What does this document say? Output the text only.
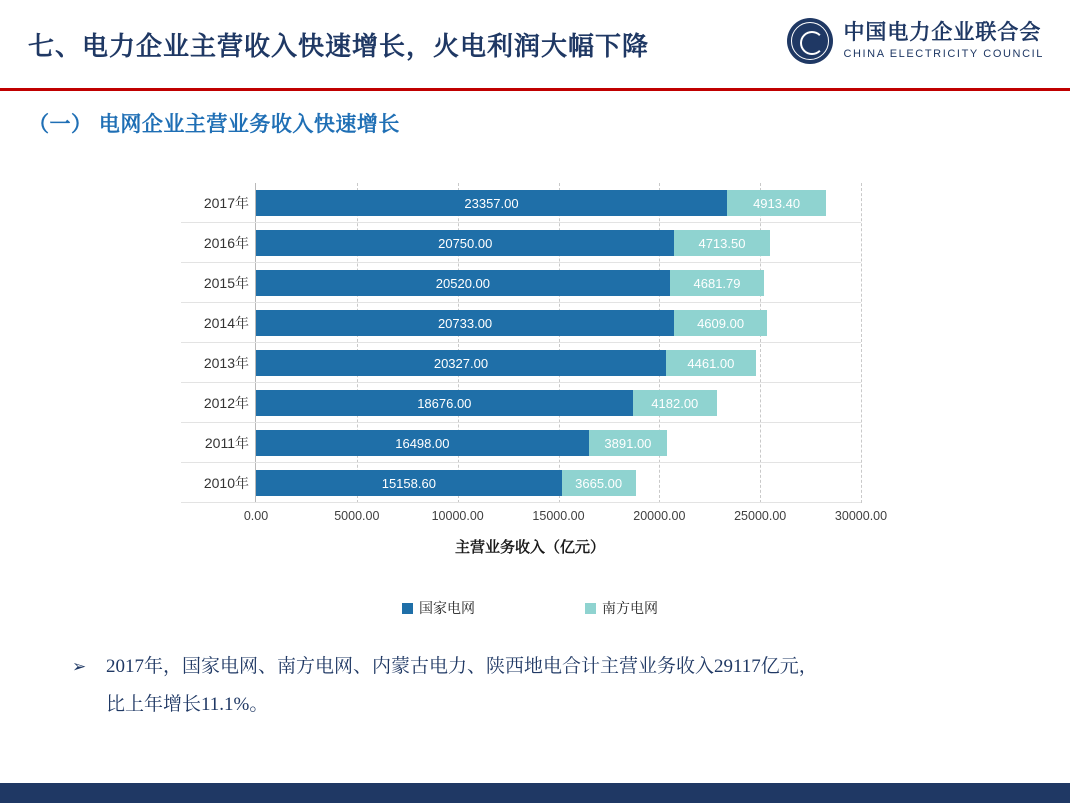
七、电力企业主营收入快速增长，火电利润大幅下降	中国电力企业联合会
CHINA ELECTRICITY COUNCIL
（一） 电网企业主营业务收入快速增长
0.00	5000.00	10000.00	15000.00	20000.00	25000.00	30000.00
2017年	23357.00	4913.40
2016年	20750.00	4713.50
2015年	20520.00	4681.79
2014年	20733.00	4609.00
2013年	20327.00	4461.00
2012年	18676.00	4182.00
2011年	16498.00	3891.00
2010年	15158.60	3665.00
主营业务收入（亿元）
国家电网	南方电网
➢ 2017年，国家电网、南方电网、内蒙古电力、陕西地电合计主营业务收入29117亿元，
比上年增长11.1%。
